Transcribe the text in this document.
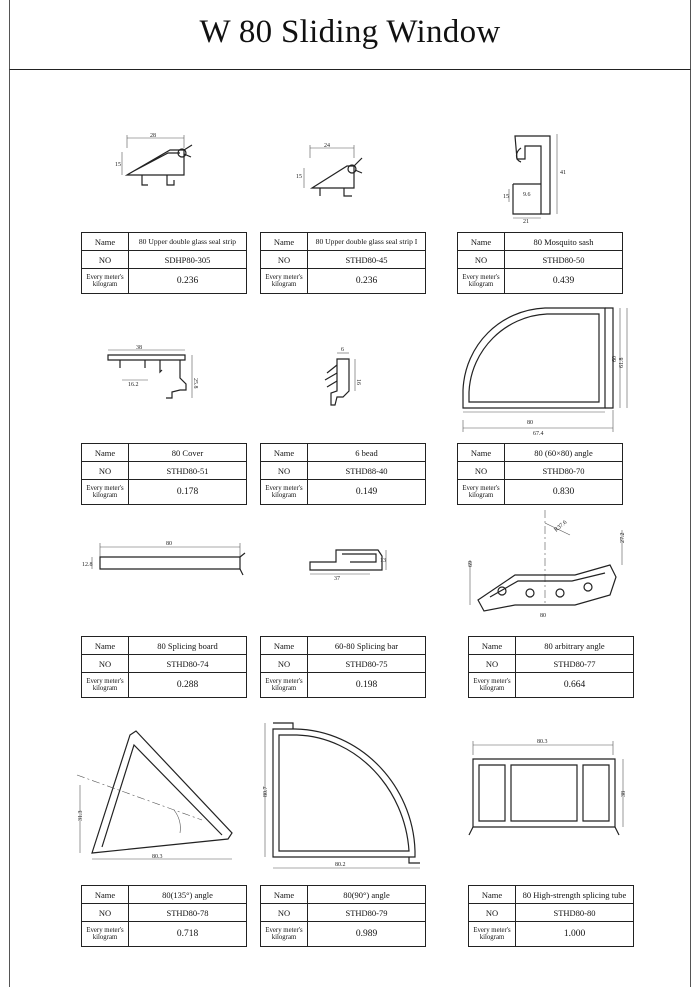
W 80 Sliding Window
28
15
24
15
41
15 9.6
21
Name	80 Upper double glass seal strip
NO	SDHP80-305
Every meter's kilogram	0.236
Name	80 Upper double glass seal strip I
NO	STHD80-45
Every meter's kilogram	0.236
Name	80 Mosquito sash
NO	STHD80-50
Every meter's kilogram	0.439
38
16.2	25.8
6
16
80
67.4
60 61.8
Name	80 Cover
NO	STHD80-51
Every meter's kilogram	0.178
Name	6 bead
NO	STHD88-40
Every meter's kilogram	0.149
Name	80 (60×80) angle
NO	STHD80-70
Every meter's kilogram	0.830
80
12.8
13
37
R37.6
69
27.2
80
Name	80 Splicing board
NO	STHD80-74
Every meter's kilogram	0.288
Name	60-80 Splicing bar
NO	STHD80-75
Every meter's kilogram	0.198
Name	80 arbitrary angle
NO	STHD80-77
Every meter's kilogram	0.664
31.3
80.3
80.7
80.2
80.3
38
Name	80(135°) angle
NO	STHD80-78
Every meter's kilogram	0.718
Name	80(90°) angle
NO	STHD80-79
Every meter's kilogram	0.989
Name	80 High-strength splicing tube
NO	STHD80-80
Every meter's kilogram	1.000
